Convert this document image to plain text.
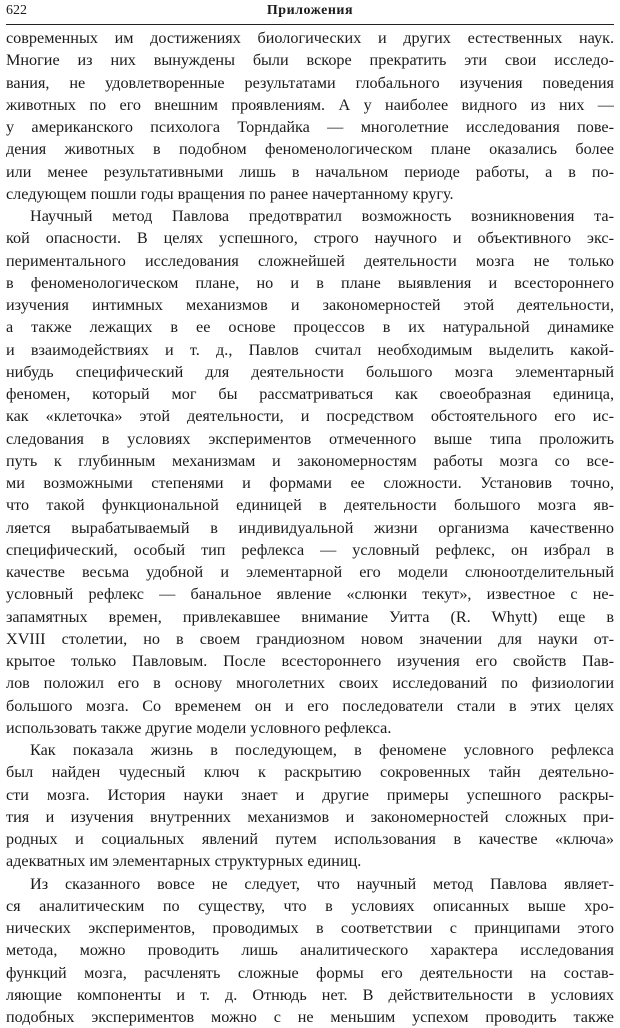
622	Приложения
современных им достижениях биологических и других естественных наук.
Многие из них вынуждены были вскоре прекратить эти свои исследо-
вания, не удовлетворенные результатами глобального изучения поведения
животных по его внешним проявлениям. А у наиболее видного из них —
у американского психолога Торндайка — многолетние исследования пове-
дения животных в подобном феноменологическом плане оказались более
или менее результативными лишь в начальном периоде работы, а в по-
следующем пошли годы вращения по ранее начертанному кругу.
Научный метод Павлова предотвратил возможность возникновения та-
кой опасности. В целях успешного, строго научного и объективного экс-
периментального исследования сложнейшей деятельности мозга не только
в феноменологическом плане, но и в плане выявления и всестороннего
изучения интимных механизмов и закономерностей этой деятельности,
а также лежащих в ее основе процессов в их натуральной динамике
и взаимодействиях и т. д., Павлов считал необходимым выделить какой-
нибудь специфический для деятельности большого мозга элементарный
феномен, который мог бы рассматриваться как своеобразная единица,
как «клеточка» этой деятельности, и посредством обстоятельного его ис-
следования в условиях экспериментов отмеченного выше типа проложить
путь к глубинным механизмам и закономерностям работы мозга со все-
ми возможными степенями и формами ее сложности. Установив точно,
что такой функциональной единицей в деятельности большого мозга яв-
ляется вырабатываемый в индивидуальной жизни организма качественно
специфический, особый тип рефлекса — условный рефлекс, он избрал в
качестве весьма удобной и элементарной его модели слюноотделительный
условный рефлекс — банальное явление «слюнки текут», известное с не-
запамятных времен, привлекавшее внимание Уитта (R. Whytt) еще в
XVIII столетии, но в своем грандиозном новом значении для науки от-
крытое только Павловым. После всестороннего изучения его свойств Пав-
лов положил его в основу многолетних своих исследований по физиологии
большого мозга. Со временем он и его последователи стали в этих целях
использовать также другие модели условного рефлекса.
Как показала жизнь в последующем, в феномене условного рефлекса
был найден чудесный ключ к раскрытию сокровенных тайн деятельно-
сти мозга. История науки знает и другие примеры успешного раскры-
тия и изучения внутренних механизмов и закономерностей сложных при-
родных и социальных явлений путем использования в качестве «ключа»
адекватных им элементарных структурных единиц.
Из сказанного вовсе не следует, что научный метод Павлова являет-
ся аналитическим по существу, что в условиях описанных выше хро-
нических экспериментов, проводимых в соответствии с принципами этого
метода, можно проводить лишь аналитического характера исследования
функций мозга, расчленять сложные формы его деятельности на состав-
ляющие компоненты и т. д. Отнюдь нет. В действительности в условиях
подобных экспериментов можно с не меньшим успехом проводить также
